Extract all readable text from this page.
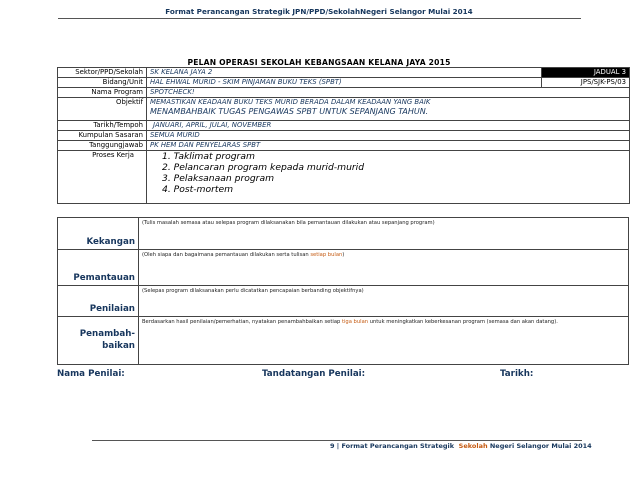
Format Perancangan Strategik JPN/PPD/SekolahNegeri Selangor Mulai 2014
PELAN OPERASI SEKOLAH KEBANGSAAN KELANA JAYA 2015
Sektor/PPD/Sekolah	SK KELANA JAYA 2	JADUAL 3
Bidang/Unit	HAL EHWAL MURID - SKIM PINJAMAN BUKU TEKS (SPBT)	JPS/SJK-PS/03
Nama Program	SPOTCHECK!	
Objektif	MEMASTIKAN KEADAAN BUKU TEKS MURID BERADA DALAM KEADAAN YANG BAIK
MENAMBAHBAIK TUGAS PENGAWAS SPBT UNTUK SEPANJANG TAHUN.	

Tarikh/Tempoh	JANUARI, APRIL, JULAI, NOVEMBER	
Kumpulan Sasaran	SEMUA MURID	
Tanggungjawab	PK HEM DAN PENYELARAS SPBT	
Proses Kerja	1. Taklimat program
2. Pelancaran program kepada murid-murid
3. Pelaksanaan program
4. Post-mortem	
Kekangan	(Tulis masalah semasa atau selepas program dilaksanakan bila pemantauan dilakukan atau sepanjang program)
Pemantauan	(Oleh siapa dan bagaimana pemantauan dilakukan serta tulisan setiap bulan)
Penilaian	(Selepas program dilaksanakan perlu dicatatkan pencapaian berbanding objektifnya)

Penambah-
baikan	Berdasarkan hasil penilaian/pemerhatian, nyatakan penambahbaikan setiap tiga bulan untuk meningkatkan keberkesanan program (semasa dan akan datang).
Nama Penilai:	Tandatangan Penilai:	Tarikh:
9 | Format Perancangan Strategik  Sekolah Negeri Selangor Mulai 2014
